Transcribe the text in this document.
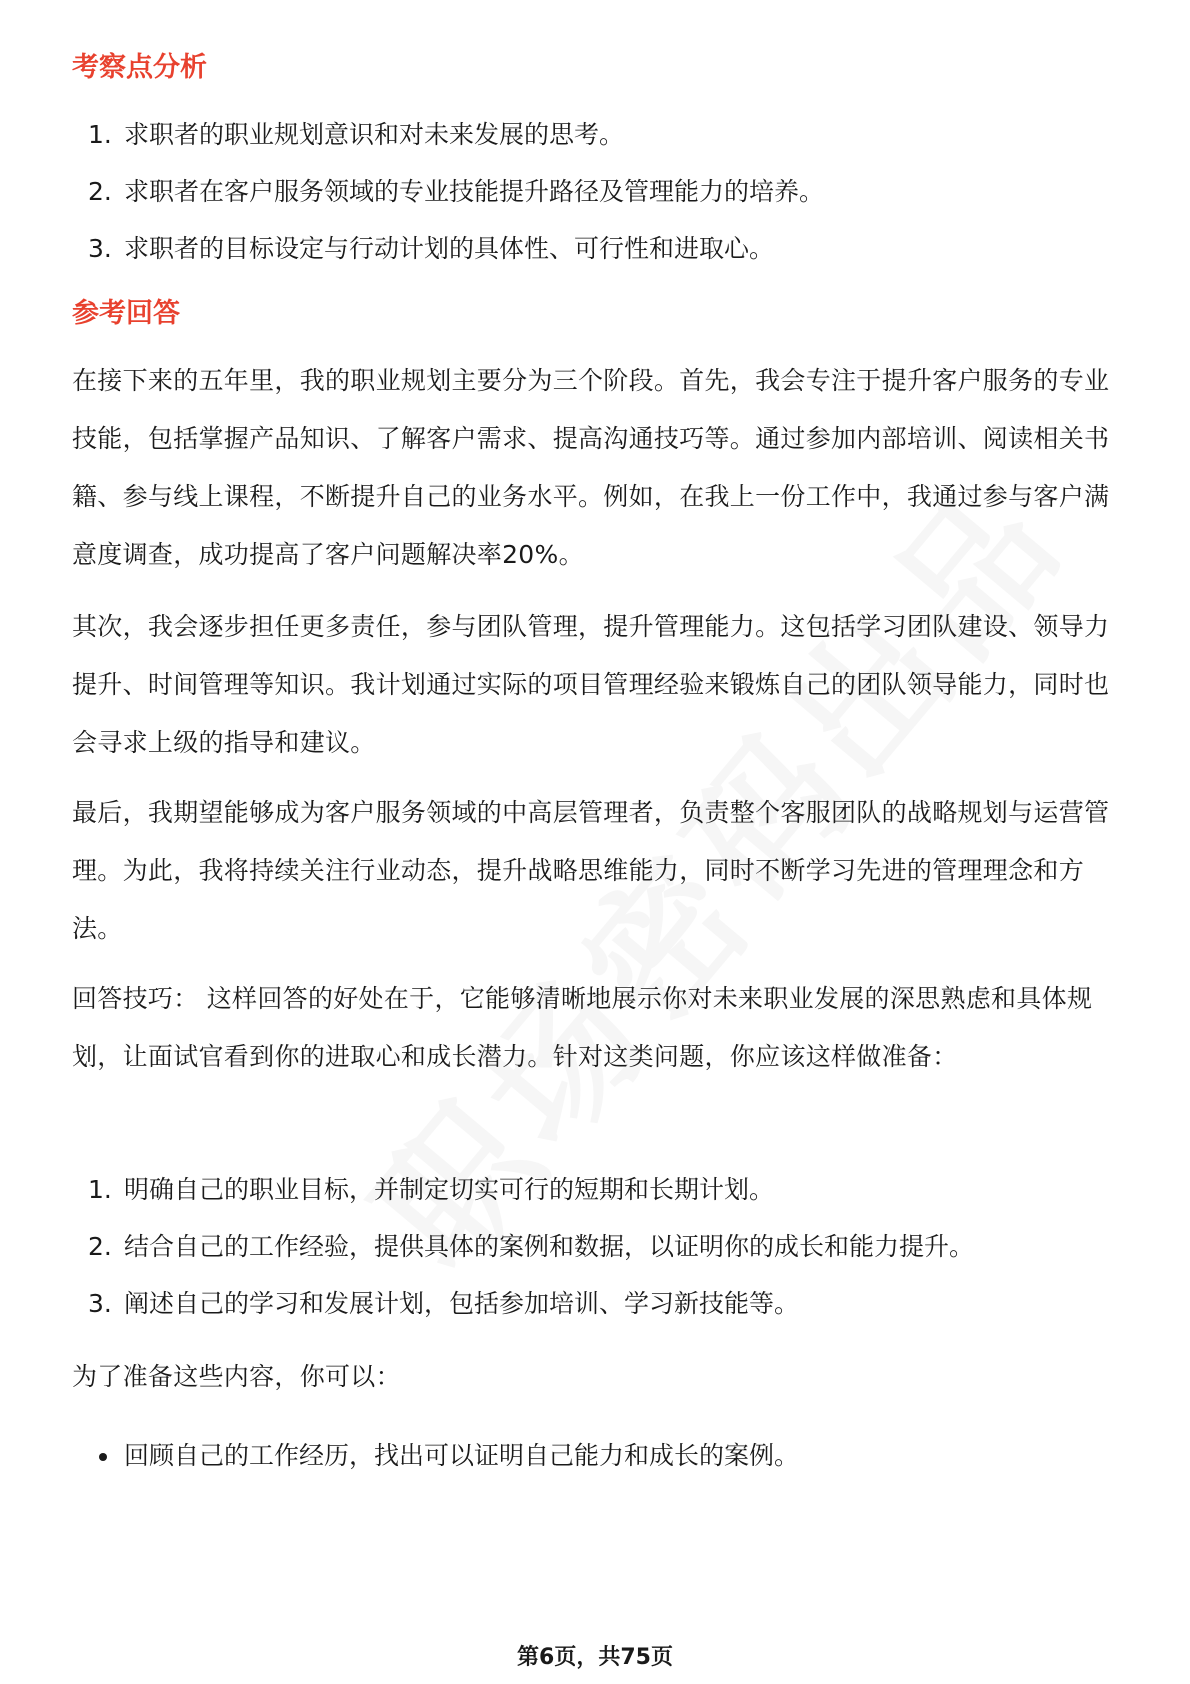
考察点分析
1. 求职者的职业规划意识和对未来发展的思考。
2. 求职者在客户服务领域的专业技能提升路径及管理能力的培养。
3. 求职者的目标设定与行动计划的具体性、可行性和进取心。
参考回答

在接下来的五年里，我的职业规划主要分为三个阶段。首先，我会专注于提升客户服务的专业技能，包括掌握产品知识、了解客户需求、提高沟通技巧等。通过参加内部培训、阅读相关书籍、参与线上课程，不断提升自己的业务水平。例如，在我上一份工作中，我通过参与客户满意度调查，成功提高了客户问题解决率20%。

其次，我会逐步担任更多责任，参与团队管理，提升管理能力。这包括学习团队建设、领导力提升、时间管理等知识。我计划通过实际的项目管理经验来锻炼自己的团队领导能力，同时也会寻求上级的指导和建议。

最后，我期望能够成为客户服务领域的中高层管理者，负责整个客服团队的战略规划与运营管理。为此，我将持续关注行业动态，提升战略思维能力，同时不断学习先进的管理理念和方法。

回答技巧： 这样回答的好处在于，它能够清晰地展示你对未来职业发展的深思熟虑和具体规划，让面试官看到你的进取心和成长潜力。针对这类问题，你应该这样做准备：

1. 明确自己的职业目标，并制定切实可行的短期和长期计划。
2. 结合自己的工作经验，提供具体的案例和数据，以证明你的成长和能力提升。
3. 阐述自己的学习和发展计划，包括参加培训、学习新技能等。

为了准备这些内容，你可以：

回顾自己的工作经历，找出可以证明自己能力和成长的案例。
第6页，共75页
